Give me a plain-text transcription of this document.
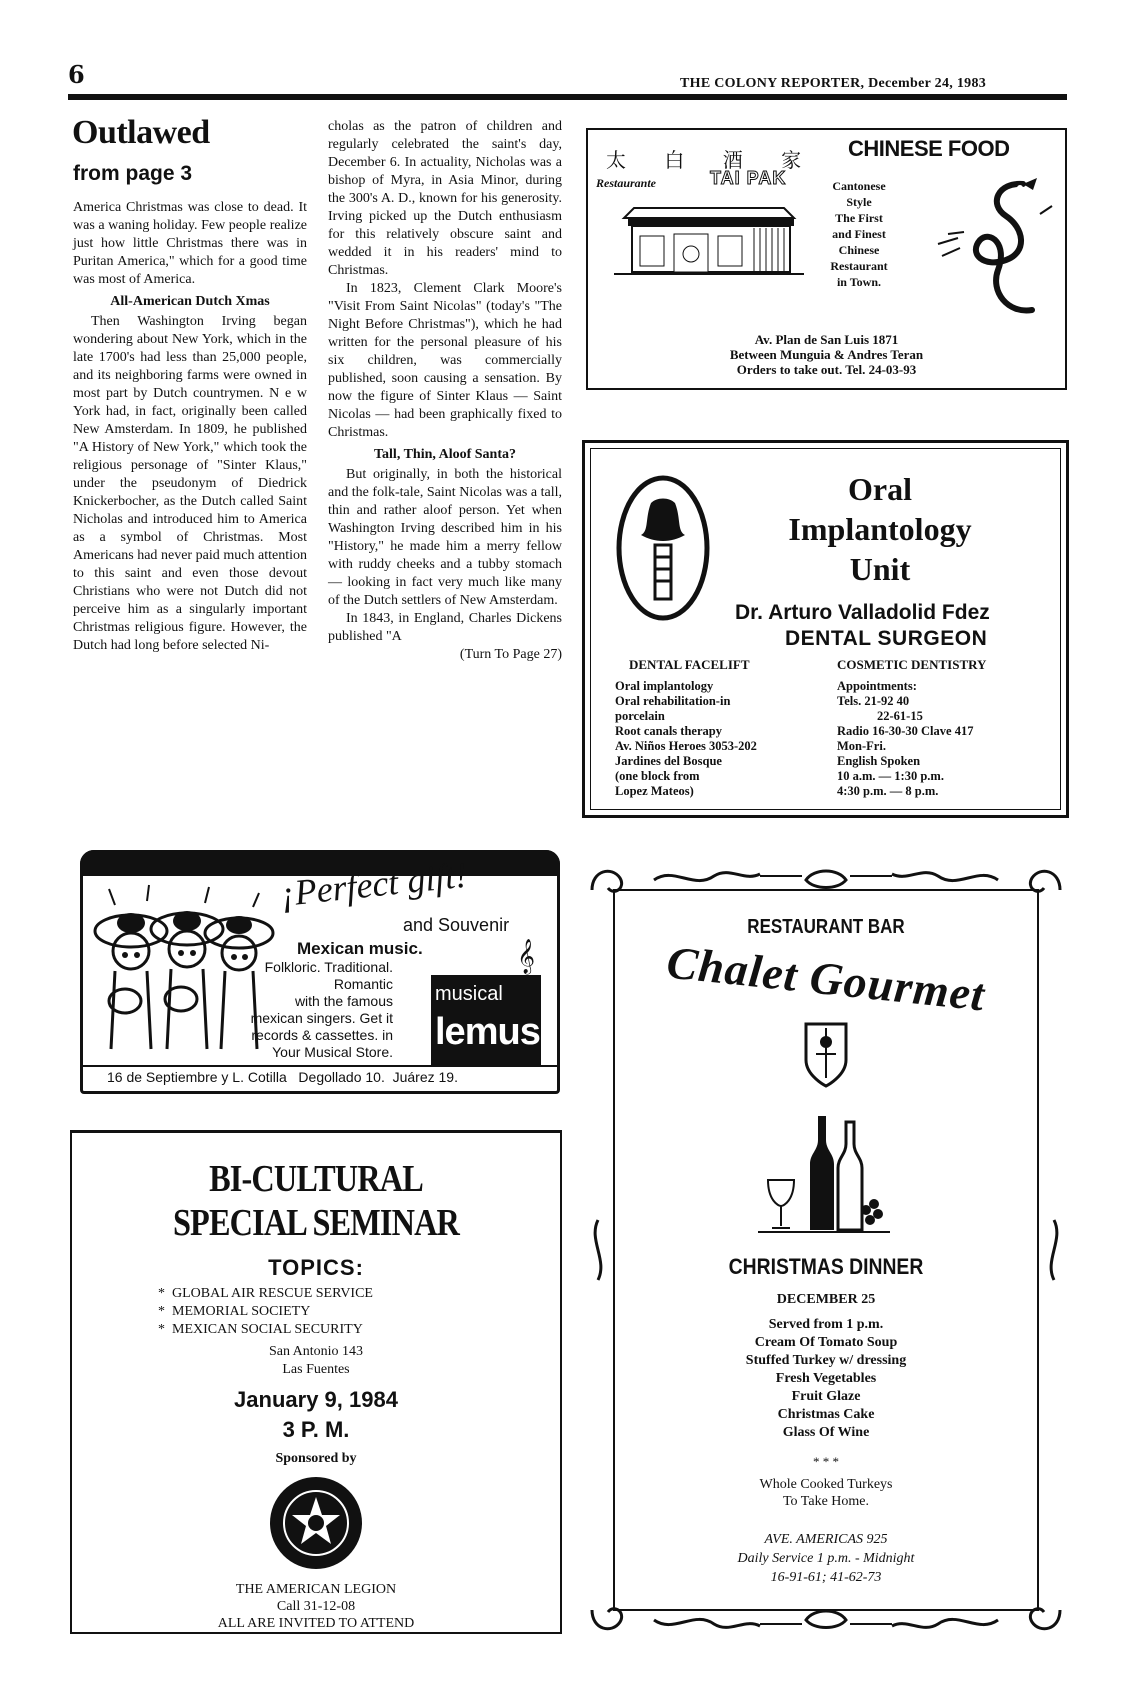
6	THE COLONY REPORTER, December 24, 1983
Outlawed
from page 3

America Christmas was close to dead. It was a waning holiday. Few people realize just how little Christmas there was in Puritan America," which for a good time was most of America.

All-American Dutch Xmas

Then Washington Irving began wondering about New York, which in the late 1700's had less than 25,000 people, and its neighboring farms were owned in most part by Dutch countrymen. N e w York had, in fact, originally been called New Amsterdam. In 1809, he published "A History of New York," which took the religious personage of "Sinter Klaus," under the pseudonym of Diedrick Knickerbocher, as the Dutch called Saint Nicholas and introduced him to America as a symbol of Christmas. Most Americans had never paid much attention to this saint and even those devout Christians who were not Dutch did not perceive him as a singularly important Christmas religious figure. However, the Dutch had long before selected Ni-

cholas as the patron of children and regularly celebrated the saint's day, December 6. In actuality, Nicholas was a bishop of Myra, in Asia Minor, during the 300's A. D., known for his generosity. Irving picked up the Dutch enthusiasm for this relatively obscure saint and wedded it in his readers' mind to Christmas.

In 1823, Clement Clark Moore's "Visit From Saint Nicolas" (today's "The Night Before Christmas"), which he had written for the personal pleasure of his six children, was commercially published, soon causing a sensation. By now the figure of Sinter Klaus — Saint Nicolas — had been graphically fixed to Christmas.

Tall, Thin, Aloof Santa?

But originally, in both the historical and the folk-tale, Saint Nicolas was a tall, thin and rather aloof person. Yet when Washington Irving described him in his "History," he made him a merry fellow with ruddy cheeks and a tubby stomach — looking in fact very much like many of the Dutch settlers of New Amsterdam.

In 1843, in England, Charles Dickens published "A

(Turn To Page 27)

太 白 酒 家
Restaurante	TAI PAK
CHINESE FOOD
Cantonese
Style
The First
and Finest
Chinese
Restaurant
in Town.
Av. Plan de San Luis 1871
Between Munguia & Andres Teran
Orders to take out. Tel. 24-03-93
Oral
Implantology
Unit
Dr. Arturo Valladolid Fdez
DENTAL SURGEON
DENTAL FACELIFT	COSMETIC DENTISTRY
Oral implantology
Oral rehabilitation-in
porcelain
Root canals therapy
Av. Niños Heroes 3053-202
Jardines del Bosque
(one block from
Lopez Mateos)
Appointments:
Tels. 21-92 40
22-61-15
Radio 16-30-30 Clave 417
Mon-Fri.
English Spoken
10 a.m. — 1:30 p.m.
4:30 p.m. — 8 p.m.
¡Perfect gift!
and Souvenir
Mexican music.
Folkloric. Traditional.
Romantic
with the famous
mexican singers. Get it
records & cassettes. in
Your Musical Store.
musical
lemus
𝄞
16 de Septiembre y L. Cotilla   Degollado 10.  Juárez 19.
BI-CULTURAL
SPECIAL SEMINAR
TOPICS:
*  GLOBAL AIR RESCUE SERVICE
*  MEMORIAL SOCIETY
*  MEXICAN SOCIAL SECURITY
San Antonio 143
Las Fuentes
January 9, 1984
3 P. M.
Sponsored by
THE AMERICAN LEGION
Call 31-12-08
ALL ARE INVITED TO ATTEND
RESTAURANT BAR
Chalet Gourmet
CHRISTMAS DINNER
DECEMBER 25
Served from 1 p.m.
Cream Of Tomato Soup
Stuffed Turkey w/ dressing
Fresh Vegetables
Fruit Glaze
Christmas Cake
Glass Of Wine
* * *
Whole Cooked Turkeys
To Take Home.
AVE. AMERICAS 925
Daily Service 1 p.m. - Midnight
16-91-61; 41-62-73
